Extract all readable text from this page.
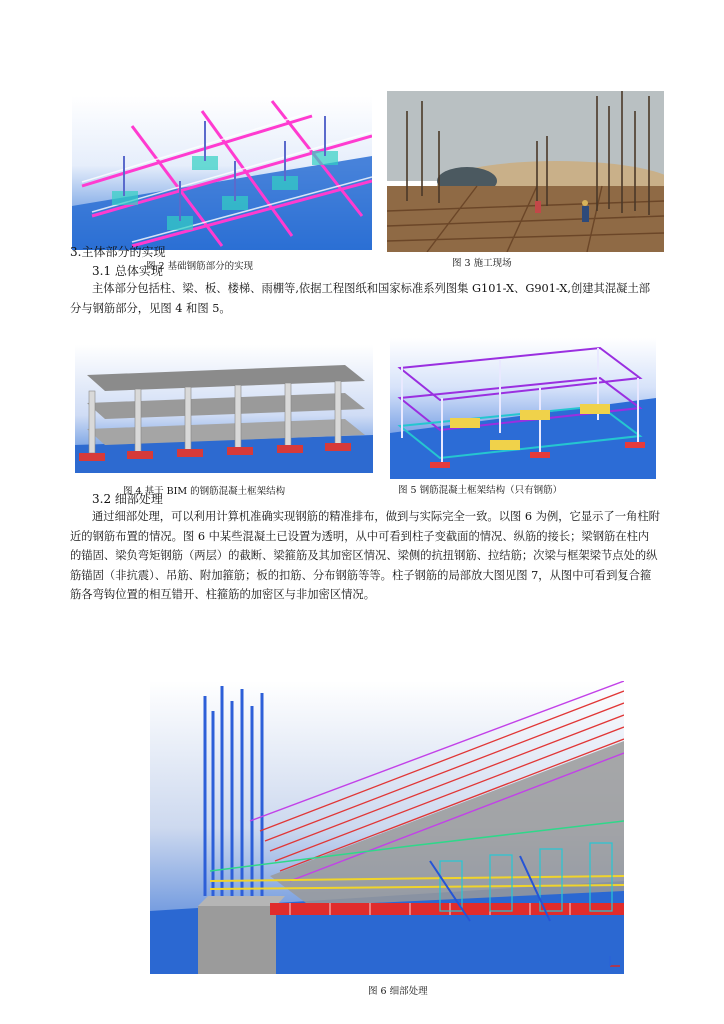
图 2 基础钢筋部分的实现	图 3 施工现场
3.主体部分的实现
3.1 总体实现

主体部分包括柱、梁、板、楼梯、雨棚等,依据工程图纸和国家标准系列图集 G101-X、G901-X,创建其混凝土部分与钢筋部分，见图 4 和图 5。

图 4 基于 BIM 的钢筋混凝土框架结构	图 5 钢筋混凝土框架结构（只有钢筋）
3.2 细部处理

通过细部处理，可以利用计算机准确实现钢筋的精准排布，做到与实际完全一致。以图 6 为例，它显示了一角柱附近的钢筋布置的情况。图 6 中某些混凝土已设置为透明，从中可看到柱子变截面的情况、纵筋的接长；梁钢筋在柱内的锚固、梁负弯矩钢筋（两层）的截断、梁箍筋及其加密区情况、梁侧的抗扭钢筋、拉结筋；次梁与框架梁节点处的纵筋锚固（非抗震）、吊筋、附加箍筋；板的扣筋、分布钢筋等等。柱子钢筋的局部放大图见图 7，从图中可看到复合箍筋各弯钩位置的相互错开、柱箍筋的加密区与非加密区情况。

图 6 细部处理
